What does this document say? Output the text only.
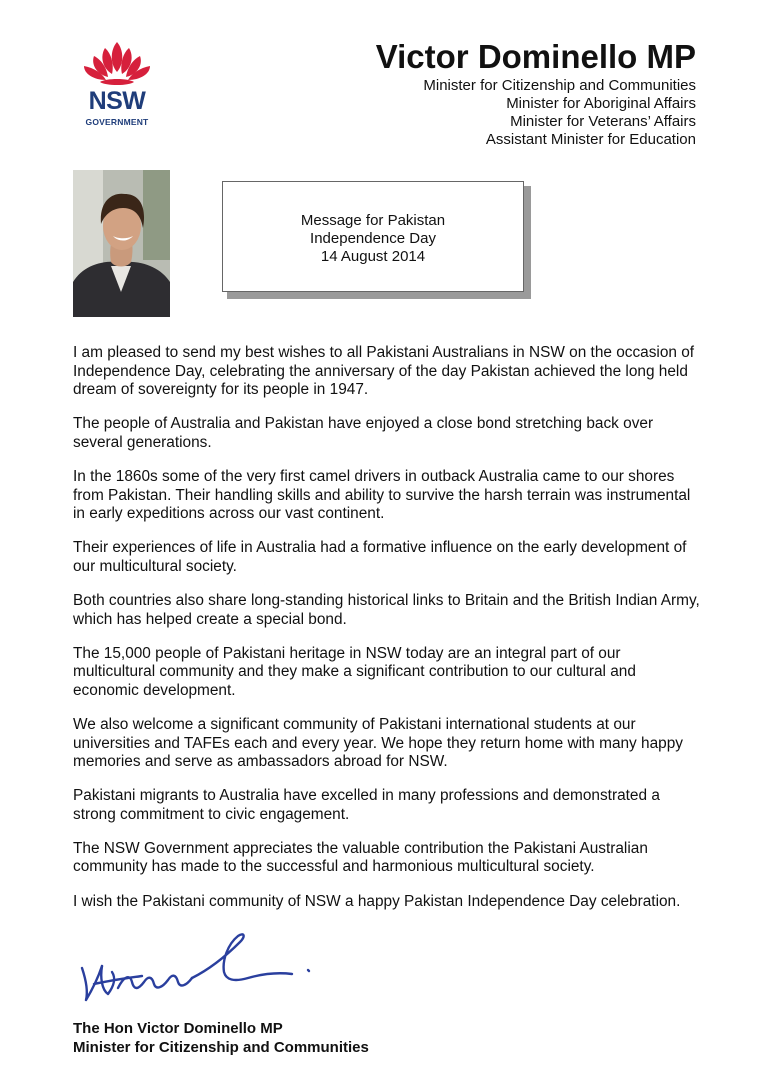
NSW
GOVERNMENT
Victor Dominello MP
Minister for Citizenship and Communities
Minister for Aboriginal Affairs
Minister for Veterans’ Affairs
Assistant Minister for Education
Message for Pakistan
Independence Day
14 August 2014

I am pleased to send my best wishes to all Pakistani Australians in NSW on the occasion of Independence Day, celebrating the anniversary of the day Pakistan achieved the long held dream of sovereignty for its people in 1947.

The people of Australia and Pakistan have enjoyed a close bond stretching back over several generations.

In the 1860s some of the very first camel drivers in outback Australia came to our shores from Pakistan. Their handling skills and ability to survive the harsh terrain was instrumental in early expeditions across our vast continent.

Their experiences of life in Australia had a formative influence on the early development of our multicultural society.

Both countries also share long-standing historical links to Britain and the British Indian Army, which has helped create a special bond.

The 15,000 people of Pakistani heritage in NSW today are an integral part of our multicultural community and they make a significant contribution to our cultural and economic development.

We also welcome a significant community of Pakistani international students at our universities and TAFEs each and every year. We hope they return home with many happy memories and serve as ambassadors abroad for NSW.

Pakistani migrants to Australia have excelled in many professions and demonstrated a strong commitment to civic engagement.

The NSW Government appreciates the valuable contribution the Pakistani Australian community has made to the successful and harmonious multicultural society.

I wish the Pakistani community of NSW a happy Pakistan Independence Day celebration.

The Hon Victor Dominello MP
Minister for Citizenship and Communities
